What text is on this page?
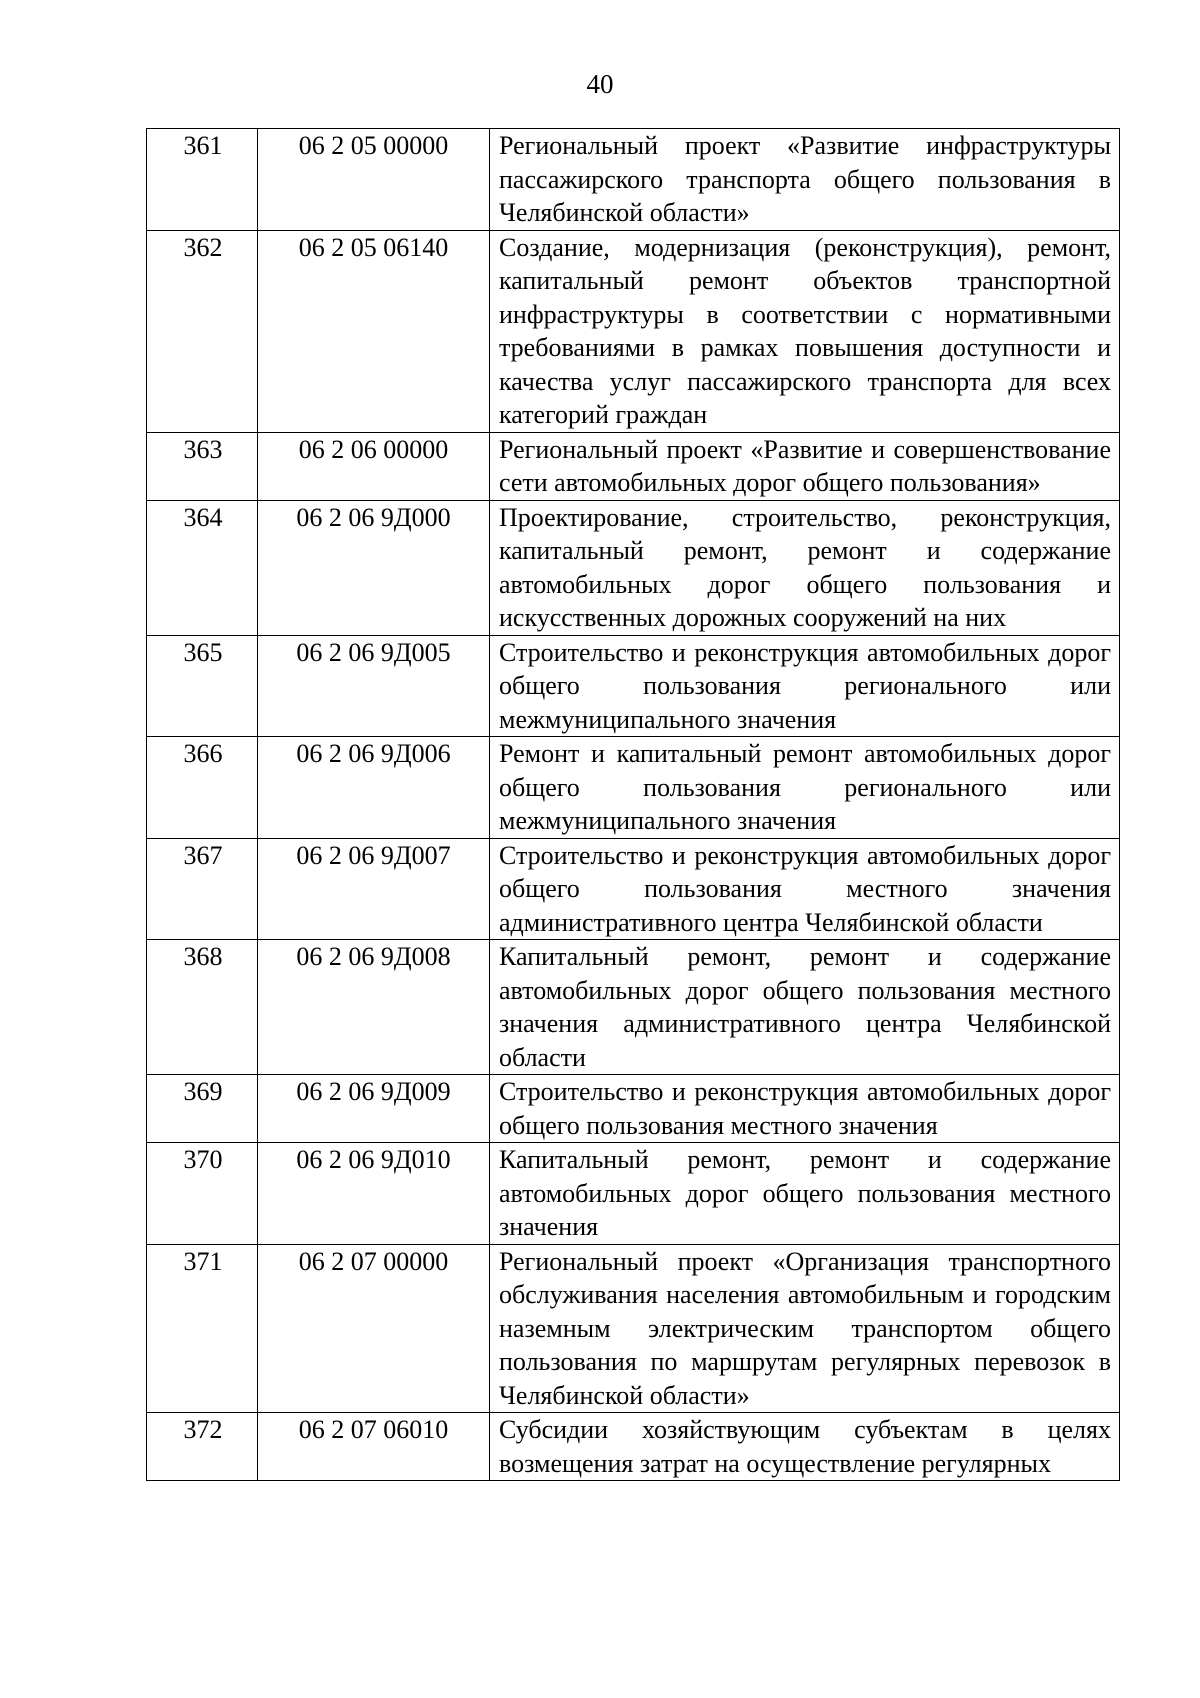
40
361	06 2 05 00000	Региональный проект «Развитие инфраструктуры пассажирского транспорта общего пользования в Челябинской области»

362	06 2 05 06140	Создание, модернизация (реконструкция), ремонт, капитальный ремонт объектов транспортной инфраструктуры в соответствии с нормативными требованиями в рамках повышения доступности и качества услуг пассажирского транспорта для всех категорий граждан

363	06 2 06 00000	Региональный проект «Развитие и совершенствование сети автомобильных дорог общего пользования»

364	06 2 06 9Д000	Проектирование, строительство, реконструкция, капитальный ремонт, ремонт и содержание автомобильных дорог общего пользования и искусственных дорожных сооружений на них

365	06 2 06 9Д005	Строительство и реконструкция автомобильных дорог общего пользования регионального или межмуниципального значения

366	06 2 06 9Д006	Ремонт и капитальный ремонт автомобильных дорог общего пользования регионального или межмуниципального значения

367	06 2 06 9Д007	Строительство и реконструкция автомобильных дорог общего пользования местного значения административного центра Челябинской области

368	06 2 06 9Д008	Капитальный ремонт, ремонт и содержание автомобильных дорог общего пользования местного значения административного центра Челябинской области

369	06 2 06 9Д009	Строительство и реконструкция автомобильных дорог общего пользования местного значения

370	06 2 06 9Д010	Капитальный ремонт, ремонт и содержание автомобильных дорог общего пользования местного значения

371	06 2 07 00000	Региональный проект «Организация транспортного обслуживания населения автомобильным и городским наземным электрическим транспортом общего пользования по маршрутам регулярных перевозок в Челябинской области»

372	06 2 07 06010	Субсидии хозяйствующим субъектам в целях возмещения затрат на осуществление регулярных
